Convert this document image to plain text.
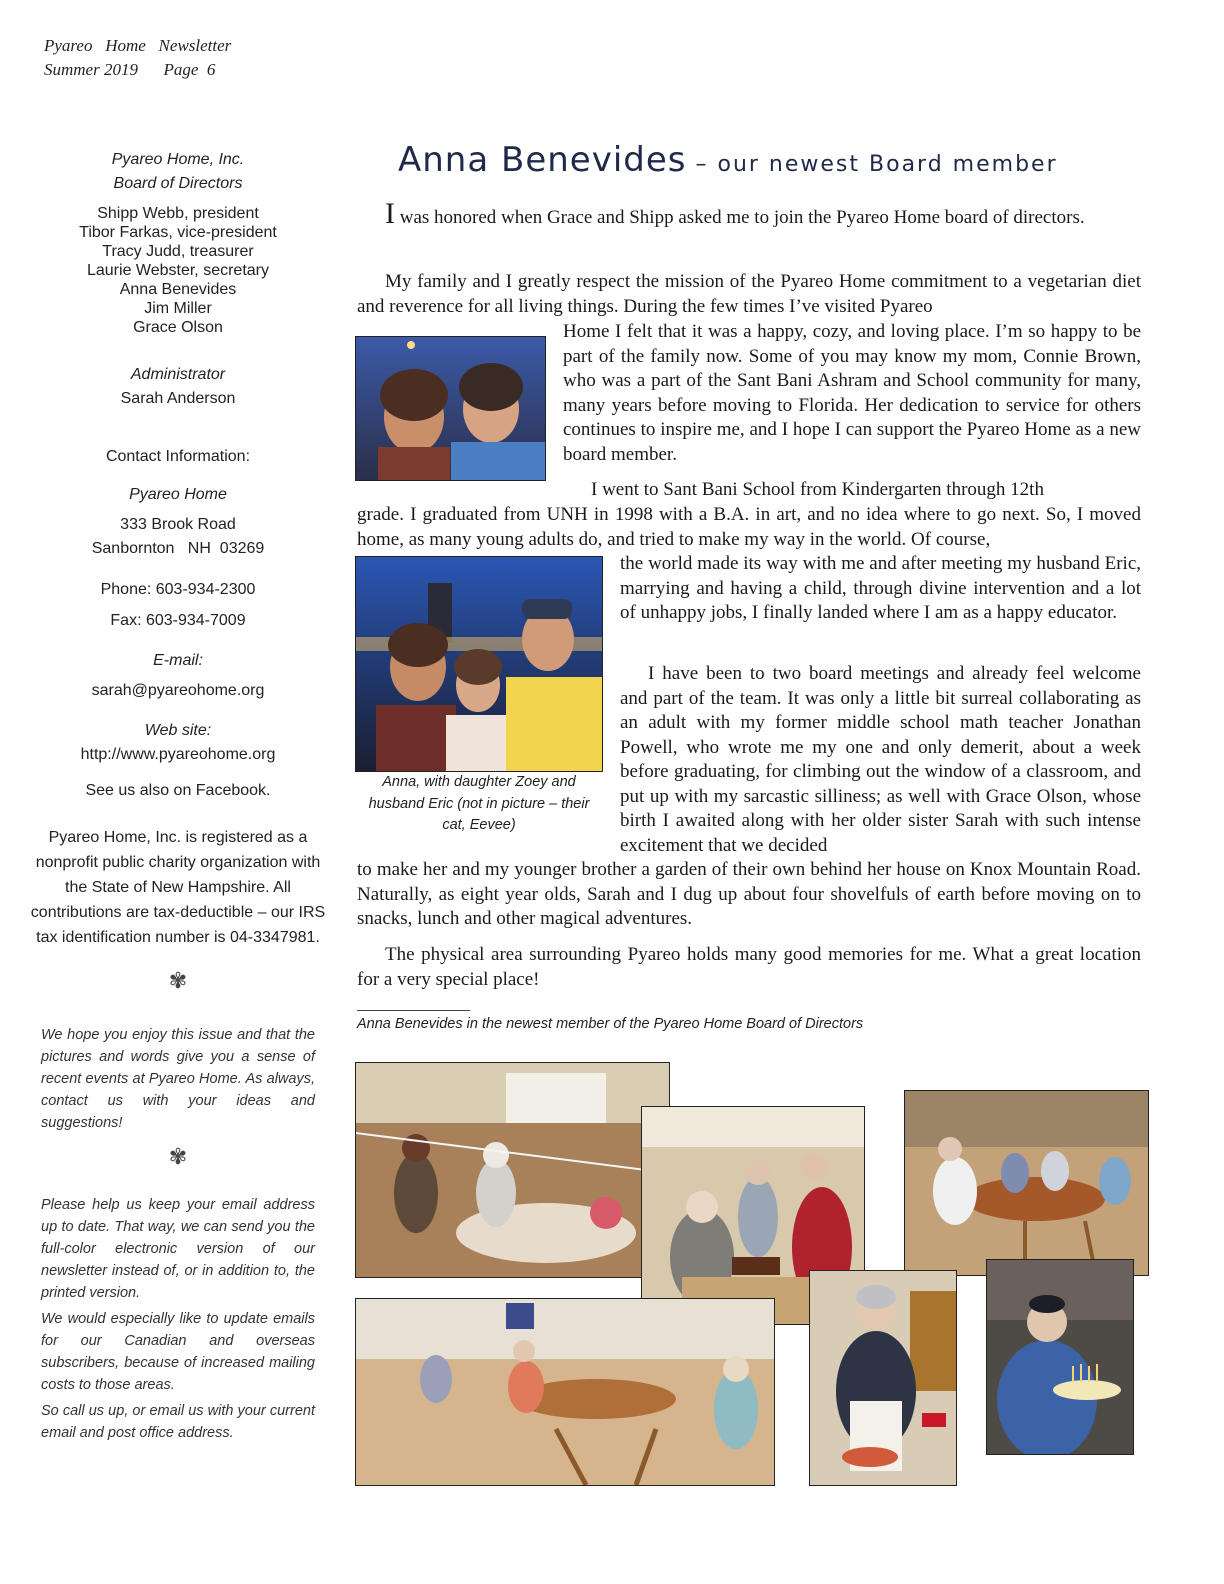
Pyareo   Home   Newsletter
Summer 2019      Page  6
Pyareo Home, Inc.
Board of Directors
Shipp Webb, president
Tibor Farkas, vice-president
Tracy Judd, treasurer
Laurie Webster, secretary
Anna Benevides
Jim Miller
Grace Olson
Administrator
Sarah Anderson
Contact Information:
Pyareo Home
333 Brook Road
Sanbornton   NH  03269
Phone: 603-934-2300
Fax: 603-934-7009
E-mail:
sarah@pyareohome.org
Web site:
http://www.pyareohome.org
See us also on Facebook.
Pyareo Home, Inc. is registered as a nonprofit public charity organization with the State of New Hampshire. All contributions are tax-deductible – our IRS tax identification number is 04-3347981.
✾
We hope you enjoy this issue and that the pictures and words give you a sense of recent events at Pyareo Home. As always, contact us with your ideas and suggestions!
✾
Please help us keep your email address up to date. That way, we can send you the full-color electronic version of our newsletter instead of, or in addition to, the printed version.
We would especially like to update emails for our Canadian and overseas subscribers, because of increased mailing costs to those areas.
So call us up, or email us with your current email and post office address.
Anna Benevides – our newest Board member
I was honored when Grace and Shipp asked me to join the Pyareo Home board of directors.
My family and I greatly respect the mission of the Pyareo Home commitment to a vegetarian diet and reverence for all living things. During the few times I’ve visited Pyareo
Home I felt that it was a happy, cozy, and loving place. I’m so happy to be part of the family now. Some of you may know my mom, Connie Brown, who was a part of the Sant Bani Ashram and School community for many, many years before moving to Florida. Her dedication to service for others continues to inspire me, and I hope I can support the Pyareo Home as a new board member.
I went to Sant Bani School from Kindergarten through 12th
grade. I graduated from UNH in 1998 with a B.A. in art, and no idea where to go next. So, I moved home, as many young adults do, and tried to make my way in the world. Of course,
the world made its way with me and after meeting my husband Eric, marrying and having a child, through divine intervention and a lot of unhappy jobs, I finally landed where I am as a happy educator.
I have been to two board meetings and already feel welcome and part of the team. It was only a little bit surreal collaborating as an adult with my former middle school math teacher Jonathan Powell, who wrote me my one and only demerit, about a week before graduating, for climbing out the window of a classroom, and put up with my sarcastic silliness; as well with Grace Olson, whose birth I awaited along with her older sister Sarah with such intense excitement that we decided
to make her and my younger brother a garden of their own behind her house on Knox Mountain Road. Naturally, as eight year olds, Sarah and I dug up about four shovelfuls of earth before moving on to snacks, lunch and other magical adventures.
The physical area surrounding Pyareo holds many good memories for me. What a great location for a very special place!
Anna, with daughter Zoey and husband Eric (not in picture – their cat, Eevee)
Anna Benevides in the newest member of the Pyareo Home Board of Directors
